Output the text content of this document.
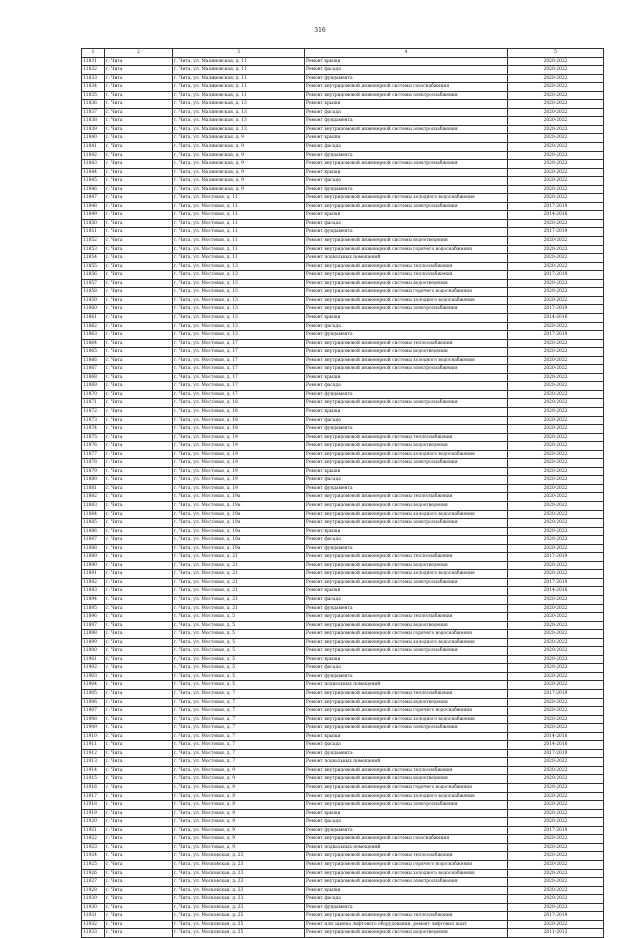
316
1	2	3	4	5
11831	г. Чита	г. Чита, ул. Малиновская, д. 11	Ремонт крыши	2020-2022
11832	г. Чита	г. Чита, ул. Малиновская, д. 11	Ремонт фасада	2020-2022
11833	г. Чита	г. Чита, ул. Малиновская, д. 11	Ремонт фундамента	2020-2022
11834	г. Чита	г. Чита, ул. Малиновская, д. 11	Ремонт внутридомовой инженерной системы газоснабжения	2020-2022
11835	г. Чита	г. Чита, ул. Малиновская, д. 11	Ремонт внутридомовой инженерной системы электроснабжения	2020-2022
11836	г. Чита	г. Чита, ул. Малиновская, д. 13	Ремонт крыши	2020-2022
11837	г. Чита	г. Чита, ул. Малиновская, д. 13	Ремонт фасада	2020-2022
11838	г. Чита	г. Чита, ул. Малиновская, д. 13	Ремонт фундамента	2020-2022
11839	г. Чита	г. Чита, ул. Малиновская, д. 13	Ремонт внутридомовой инженерной системы электроснабжения	2020-2022
11840	г. Чита	г. Чита, ул. Малиновская, д. 9	Ремонт крыши	2020-2022
11841	г. Чита	г. Чита, ул. Малиновская, д. 9	Ремонт фасада	2020-2022
11842	г. Чита	г. Чита, ул. Малиновская, д. 9	Ремонт фундамента	2020-2022
11843	г. Чита	г. Чита, ул. Малиновская, д. 9	Ремонт внутридомовой инженерной системы электроснабжения	2020-2022
11844	г. Чита	г. Чита, ул. Малиновская, д. 9	Ремонт крыши	2020-2022
11845	г. Чита	г. Чита, ул. Малиновская, д. 9	Ремонт фасада	2020-2022
11846	г. Чита	г. Чита, ул. Малиновская, д. 9	Ремонт фундамента	2020-2022
11847	г. Чита	г. Чита, ул. Мостовая, д. 11	Ремонт внутридомовой инженерной системы холодного водоснабжения	2020-2022
11848	г. Чита	г. Чита, ул. Мостовая, д. 11	Ремонт внутридомовой инженерной системы электроснабжения	2017-2019
11849	г. Чита	г. Чита, ул. Мостовая, д. 11	Ремонт крыши	2014-2016
11850	г. Чита	г. Чита, ул. Мостовая, д. 11	Ремонт фасада	2020-2022
11851	г. Чита	г. Чита, ул. Мостовая, д. 11	Ремонт фундамента	2017-2019
11852	г. Чита	г. Чита, ул. Мостовая, д. 11	Ремонт внутридомовой инженерной системы водоотведения	2020-2022
11853	г. Чита	г. Чита, ул. Мостовая, д. 11	Ремонт внутридомовой инженерной системы горячего водоснабжения	2020-2022
11854	г. Чита	г. Чита, ул. Мостовая, д. 11	Ремонт подвальных помещений	2020-2022
11855	г. Чита	г. Чита, ул. Мостовая, д. 13	Ремонт внутридомовой инженерной системы теплоснабжения	2020-2022
11856	г. Чита	г. Чита, ул. Мостовая, д. 13	Ремонт внутридомовой инженерной системы теплоснабжения	2017-2019
11857	г. Чита	г. Чита, ул. Мостовая, д. 13	Ремонт внутридомовой инженерной системы водоотведения	2020-2022
11858	г. Чита	г. Чита, ул. Мостовая, д. 13	Ремонт внутридомовой инженерной системы горячего водоснабжения	2020-2022
11859	г. Чита	г. Чита, ул. Мостовая, д. 13	Ремонт внутридомовой инженерной системы холодного водоснабжения	2020-2022
11860	г. Чита	г. Чита, ул. Мостовая, д. 13	Ремонт внутридомовой инженерной системы электроснабжения	2017-2019
11861	г. Чита	г. Чита, ул. Мостовая, д. 13	Ремонт крыши	2014-2016
11862	г. Чита	г. Чита, ул. Мостовая, д. 13	Ремонт фасада	2020-2022
11863	г. Чита	г. Чита, ул. Мостовая, д. 13	Ремонт фундамента	2017-2019
11864	г. Чита	г. Чита, ул. Мостовая, д. 17	Ремонт внутридомовой инженерной системы теплоснабжения	2020-2022
11865	г. Чита	г. Чита, ул. Мостовая, д. 17	Ремонт внутридомовой инженерной системы водоотведения	2020-2022
11866	г. Чита	г. Чита, ул. Мостовая, д. 17	Ремонт внутридомовой инженерной системы холодного водоснабжения	2020-2022
11867	г. Чита	г. Чита, ул. Мостовая, д. 17	Ремонт внутридомовой инженерной системы электроснабжения	2020-2022
11868	г. Чита	г. Чита, ул. Мостовая, д. 17	Ремонт крыши	2020-2022
11869	г. Чита	г. Чита, ул. Мостовая, д. 17	Ремонт фасада	2020-2022
11870	г. Чита	г. Чита, ул. Мостовая, д. 17	Ремонт фундамента	2020-2022
11871	г. Чита	г. Чита, ул. Мостовая, д. 18	Ремонт внутридомовой инженерной системы электроснабжения	2020-2022
11872	г. Чита	г. Чита, ул. Мостовая, д. 18	Ремонт крыши	2020-2022
11873	г. Чита	г. Чита, ул. Мостовая, д. 18	Ремонт фасада	2020-2022
11874	г. Чита	г. Чита, ул. Мостовая, д. 18	Ремонт фундамента	2020-2022
11875	г. Чита	г. Чита, ул. Мостовая, д. 19	Ремонт внутридомовой инженерной системы теплоснабжения	2020-2022
11876	г. Чита	г. Чита, ул. Мостовая, д. 19	Ремонт внутридомовой инженерной системы водоотведения	2020-2022
11877	г. Чита	г. Чита, ул. Мостовая, д. 19	Ремонт внутридомовой инженерной системы холодного водоснабжения	2020-2022
11878	г. Чита	г. Чита, ул. Мостовая, д. 19	Ремонт внутридомовой инженерной системы электроснабжения	2020-2022
11879	г. Чита	г. Чита, ул. Мостовая, д. 19	Ремонт крыши	2020-2022
11880	г. Чита	г. Чита, ул. Мостовая, д. 19	Ремонт фасада	2020-2022
11881	г. Чита	г. Чита, ул. Мостовая, д. 19	Ремонт фундамента	2020-2022
11882	г. Чита	г. Чита, ул. Мостовая, д. 19а	Ремонт внутридомовой инженерной системы теплоснабжения	2020-2022
11883	г. Чита	г. Чита, ул. Мостовая, д. 19а	Ремонт внутридомовой инженерной системы водоотведения	2020-2022
11884	г. Чита	г. Чита, ул. Мостовая, д. 19а	Ремонт внутридомовой инженерной системы холодного водоснабжения	2020-2022
11885	г. Чита	г. Чита, ул. Мостовая, д. 19а	Ремонт внутридомовой инженерной системы электроснабжения	2020-2022
11886	г. Чита	г. Чита, ул. Мостовая, д. 19а	Ремонт крыши	2020-2022
11887	г. Чита	г. Чита, ул. Мостовая, д. 19а	Ремонт фасада	2020-2022
11888	г. Чита	г. Чита, ул. Мостовая, д. 19а	Ремонт фундамента	2020-2022
11889	г. Чита	г. Чита, ул. Мостовая, д. 21	Ремонт внутридомовой инженерной системы теплоснабжения	2017-2019
11890	г. Чита	г. Чита, ул. Мостовая, д. 21	Ремонт внутридомовой инженерной системы водоотведения	2020-2022
11891	г. Чита	г. Чита, ул. Мостовая, д. 21	Ремонт внутридомовой инженерной системы холодного водоснабжения	2020-2022
11892	г. Чита	г. Чита, ул. Мостовая, д. 21	Ремонт внутридомовой инженерной системы электроснабжения	2017-2019
11893	г. Чита	г. Чита, ул. Мостовая, д. 21	Ремонт крыши	2014-2016
11894	г. Чита	г. Чита, ул. Мостовая, д. 21	Ремонт фасада	2020-2022
11895	г. Чита	г. Чита, ул. Мостовая, д. 21	Ремонт фундамента	2020-2022
11896	г. Чита	г. Чита, ул. Мостовая, д. 5	Ремонт внутридомовой инженерной системы теплоснабжения	2020-2022
11897	г. Чита	г. Чита, ул. Мостовая, д. 5	Ремонт внутридомовой инженерной системы водоотведения	2020-2022
11898	г. Чита	г. Чита, ул. Мостовая, д. 5	Ремонт внутридомовой инженерной системы горячего водоснабжения	2020-2022
11899	г. Чита	г. Чита, ул. Мостовая, д. 5	Ремонт внутридомовой инженерной системы холодного водоснабжения	2020-2022
11900	г. Чита	г. Чита, ул. Мостовая, д. 5	Ремонт внутридомовой инженерной системы электроснабжения	2020-2022
11901	г. Чита	г. Чита, ул. Мостовая, д. 5	Ремонт крыши	2020-2022
11902	г. Чита	г. Чита, ул. Мостовая, д. 5	Ремонт фасада	2020-2022
11903	г. Чита	г. Чита, ул. Мостовая, д. 5	Ремонт фундамента	2020-2022
11904	г. Чита	г. Чита, ул. Мостовая, д. 5	Ремонт подвальных помещений	2020-2022
11905	г. Чита	г. Чита, ул. Мостовая, д. 7	Ремонт внутридомовой инженерной системы теплоснабжения	2017-2019
11906	г. Чита	г. Чита, ул. Мостовая, д. 7	Ремонт внутридомовой инженерной системы водоотведения	2020-2022
11907	г. Чита	г. Чита, ул. Мостовая, д. 7	Ремонт внутридомовой инженерной системы горячего водоснабжения	2020-2022
11908	г. Чита	г. Чита, ул. Мостовая, д. 7	Ремонт внутридомовой инженерной системы холодного водоснабжения	2020-2022
11909	г. Чита	г. Чита, ул. Мостовая, д. 7	Ремонт внутридомовой инженерной системы электроснабжения	2020-2022
11910	г. Чита	г. Чита, ул. Мостовая, д. 7	Ремонт крыши	2014-2016
11911	г. Чита	г. Чита, ул. Мостовая, д. 7	Ремонт фасада	2014-2016
11912	г. Чита	г. Чита, ул. Мостовая, д. 7	Ремонт фундамента	2017-2019
11913	г. Чита	г. Чита, ул. Мостовая, д. 7	Ремонт подвальных помещений	2020-2022
11914	г. Чита	г. Чита, ул. Мостовая, д. 9	Ремонт внутридомовой инженерной системы теплоснабжения	2020-2022
11915	г. Чита	г. Чита, ул. Мостовая, д. 9	Ремонт внутридомовой инженерной системы водоотведения	2020-2022
11916	г. Чита	г. Чита, ул. Мостовая, д. 9	Ремонт внутридомовой инженерной системы горячего водоснабжения	2020-2022
11917	г. Чита	г. Чита, ул. Мостовая, д. 9	Ремонт внутридомовой инженерной системы холодного водоснабжения	2020-2022
11918	г. Чита	г. Чита, ул. Мостовая, д. 9	Ремонт внутридомовой инженерной системы электроснабжения	2020-2022
11919	г. Чита	г. Чита, ул. Мостовая, д. 9	Ремонт крыши	2020-2022
11920	г. Чита	г. Чита, ул. Мостовая, д. 9	Ремонт фасада	2020-2022
11921	г. Чита	г. Чита, ул. Мостовая, д. 9	Ремонт фундамента	2017-2019
11922	г. Чита	г. Чита, ул. Мостовая, д. 9	Ремонт внутридомовой инженерной системы газоснабжения	2020-2022
11923	г. Чита	г. Чита, ул. Мостовая, д. 9	Ремонт подвальных помещений	2020-2022
11924	г. Чита	г. Чита, ул. Московская, д. 23	Ремонт внутридомовой инженерной системы теплоснабжения	2020-2022
11925	г. Чита	г. Чита, ул. Московская, д. 23	Ремонт внутридомовой инженерной системы горячего водоснабжения	2020-2022
11926	г. Чита	г. Чита, ул. Московская, д. 23	Ремонт внутридомовой инженерной системы холодного водоснабжения	2020-2022
11927	г. Чита	г. Чита, ул. Московская, д. 23	Ремонт внутридомовой инженерной системы электроснабжения	2020-2022
11928	г. Чита	г. Чита, ул. Московская, д. 23	Ремонт крыши	2020-2022
11929	г. Чита	г. Чита, ул. Московская, д. 23	Ремонт фасада	2020-2022
11930	г. Чита	г. Чита, ул. Московская, д. 23	Ремонт фундамента	2020-2022
11931	г. Чита	г. Чита, ул. Московская, д. 25	Ремонт внутридомовой инженерной системы теплоснабжения	2017-2019
11932	г. Чита	г. Чита, ул. Московская, д. 25	Ремонт или замена лифтового оборудования, ремонт лифтовых шахт	2020-2022
11933	г. Чита	г. Чита, ул. Московская, д. 25	Ремонт внутридомовой инженерной системы водоотведения	2011-2013
